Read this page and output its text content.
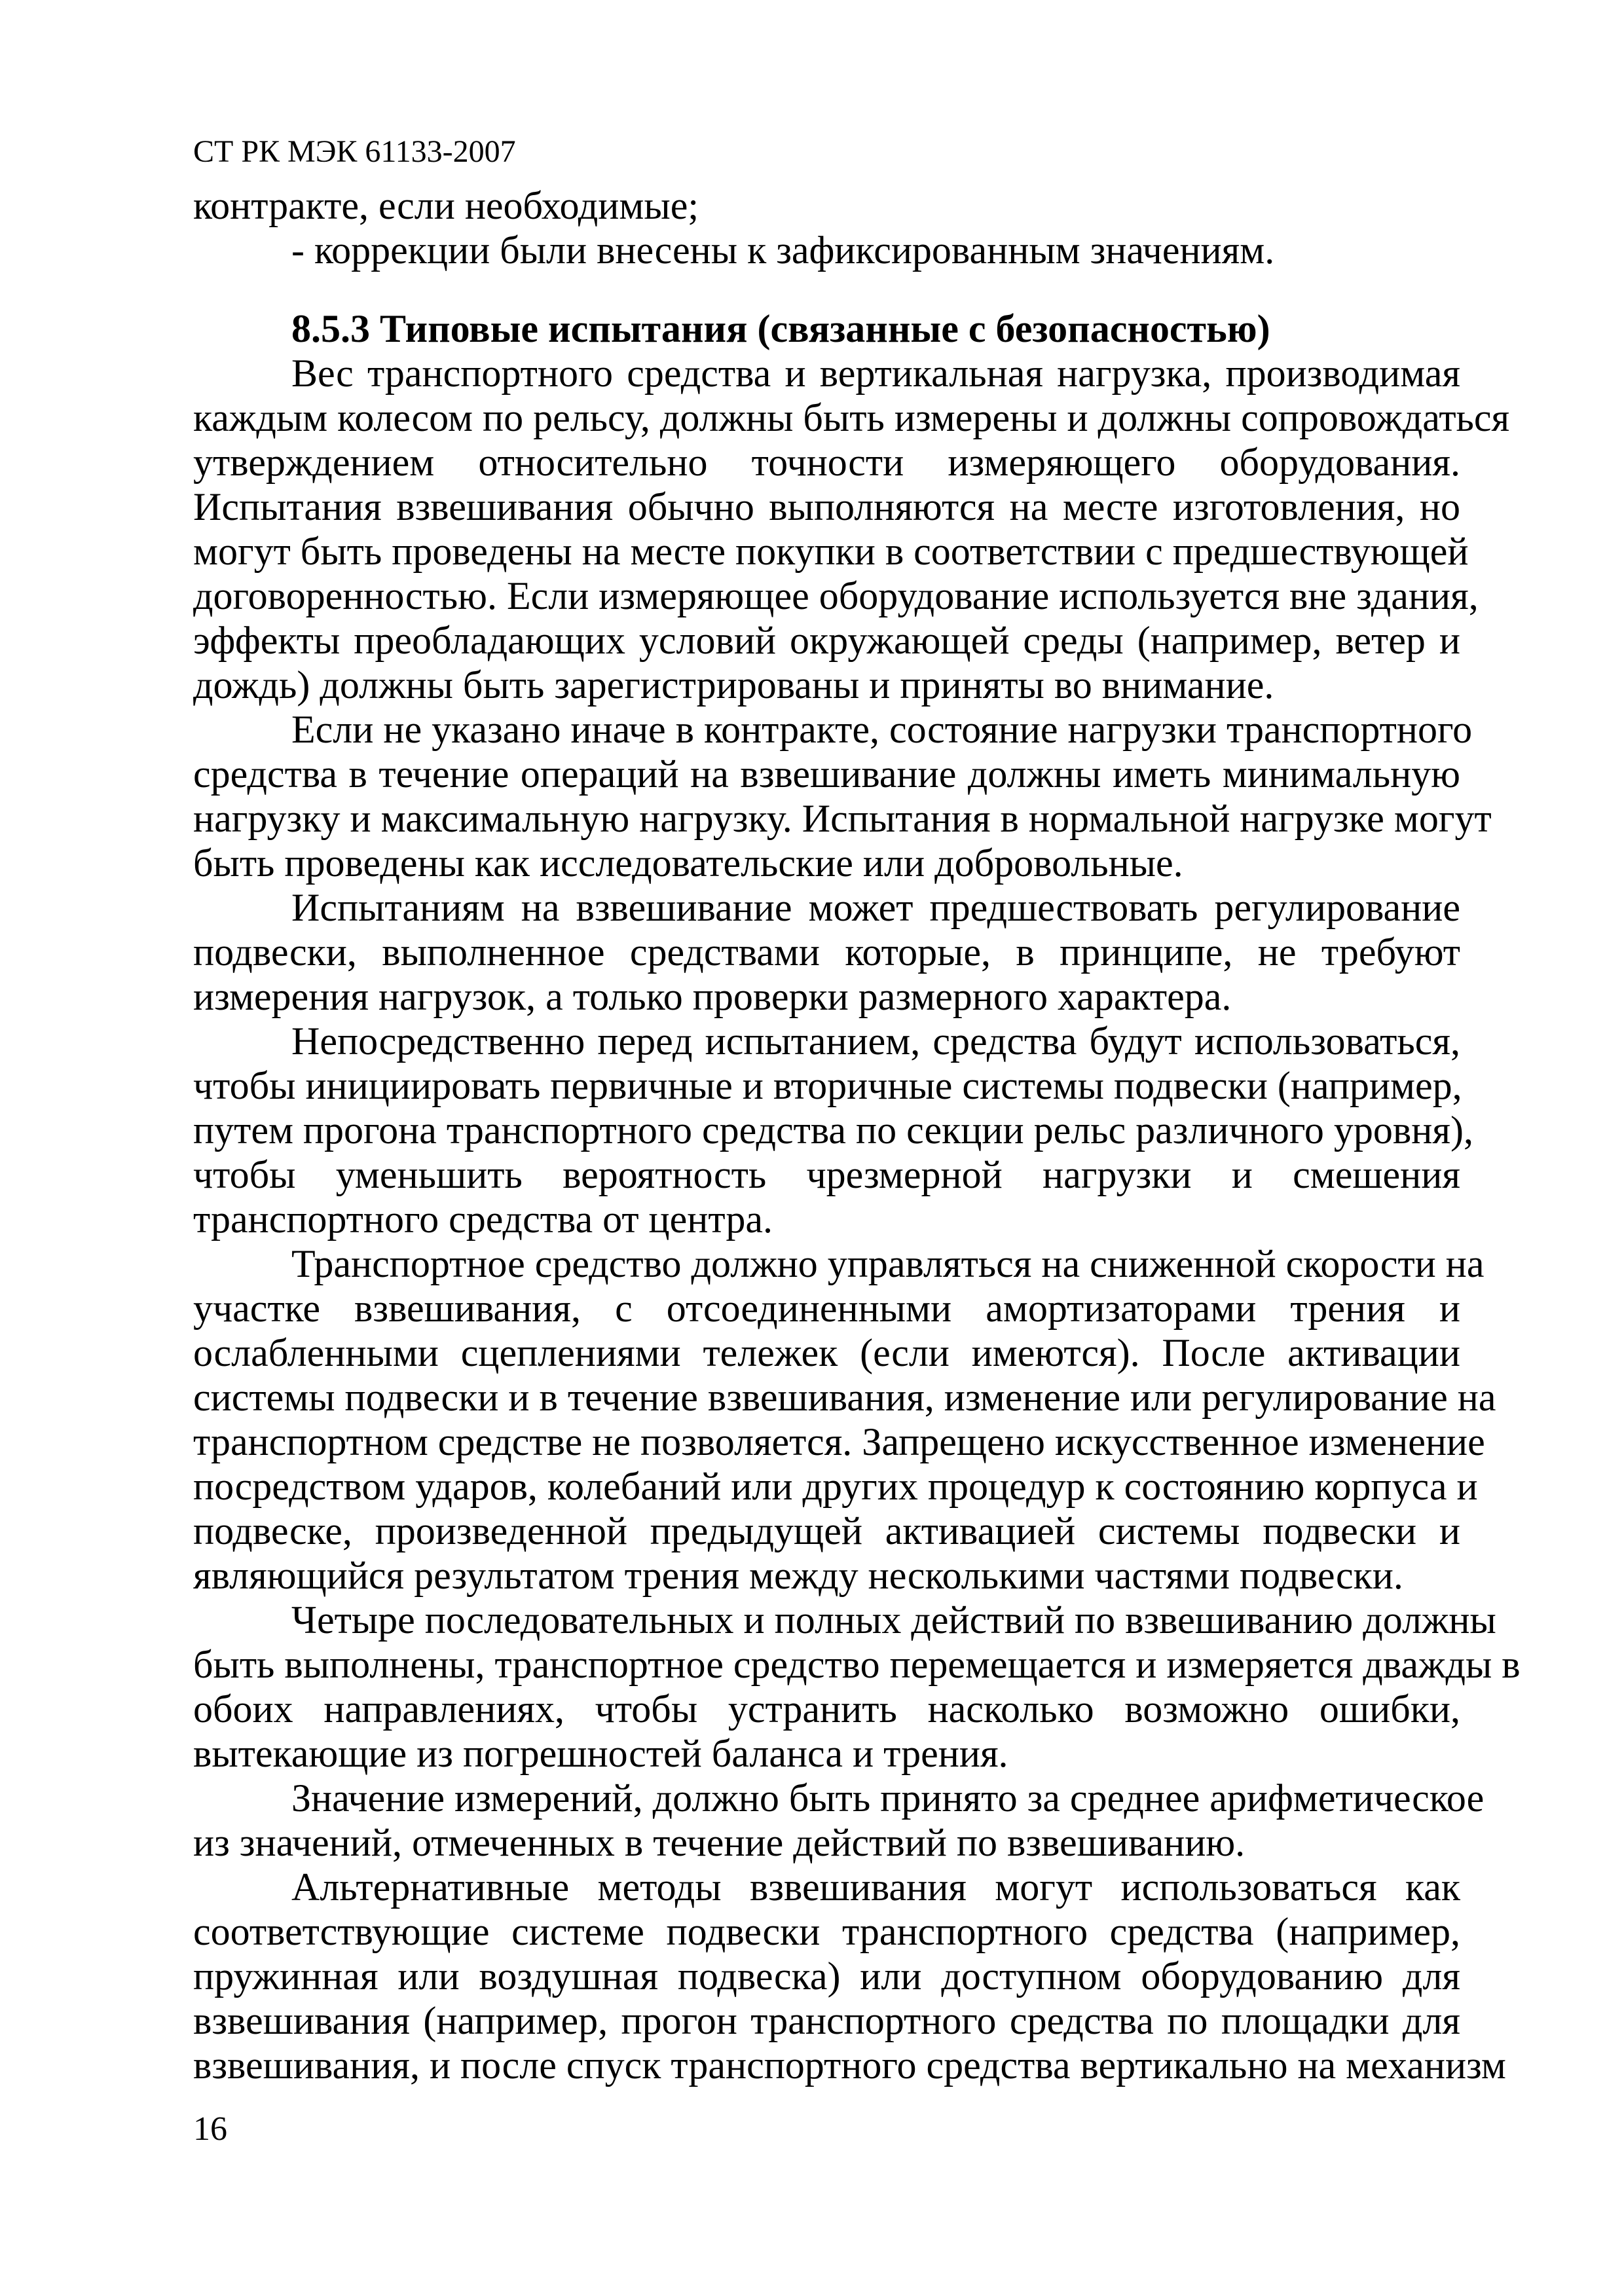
СТ РК МЭК 61133-2007
контракте, если необходимые;
- коррекции были внесены к зафиксированным значениям.
8.5.3 Типовые испытания (связанные с безопасностью)
Вес транспортного средства и вертикальная нагрузка, производимая
каждым колесом по рельсу, должны быть измерены и должны сопровождаться
утверждением относительно точности измеряющего оборудования.
Испытания взвешивания обычно выполняются на месте изготовления, но
могут быть проведены на месте покупки в соответствии с предшествующей
договоренностью. Если измеряющее оборудование используется вне здания,
эффекты преобладающих условий окружающей среды (например, ветер и
дождь) должны быть зарегистрированы и приняты во внимание.
Если не указано иначе в контракте, состояние нагрузки транспортного
средства в течение операций на взвешивание должны иметь минимальную
нагрузку и максимальную нагрузку. Испытания в нормальной нагрузке могут
быть проведены как исследовательские или добровольные.
Испытаниям на взвешивание может предшествовать регулирование
подвески, выполненное средствами которые, в принципе, не требуют
измерения нагрузок, а только проверки размерного характера.
Непосредственно перед испытанием, средства будут использоваться,
чтобы инициировать первичные и вторичные системы подвески (например,
путем прогона транспортного средства по секции рельс различного уровня),
чтобы уменьшить вероятность чрезмерной нагрузки и смешения
транспортного средства от центра.
Транспортное средство должно управляться на сниженной скорости на
участке взвешивания, с отсоединенными амортизаторами трения и
ослабленными сцеплениями тележек (если имеются). После активации
системы подвески и в течение взвешивания, изменение или регулирование на
транспортном средстве не позволяется. Запрещено искусственное изменение
посредством ударов, колебаний или других процедур к состоянию корпуса и
подвеске, произведенной предыдущей активацией системы подвески и
являющийся результатом трения между несколькими частями подвески.
Четыре последовательных и полных действий по взвешиванию должны
быть выполнены, транспортное средство перемещается и измеряется дважды в
обоих направлениях, чтобы устранить насколько возможно ошибки,
вытекающие из погрешностей баланса и трения.
Значение измерений, должно быть принято за среднее арифметическое
из значений, отмеченных в течение действий по взвешиванию.
Альтернативные методы взвешивания могут использоваться как
соответствующие системе подвески транспортного средства (например,
пружинная или воздушная подвеска) или доступном оборудованию для
взвешивания (например, прогон транспортного средства по площадки для
взвешивания, и после спуск транспортного средства вертикально на механизм
16
